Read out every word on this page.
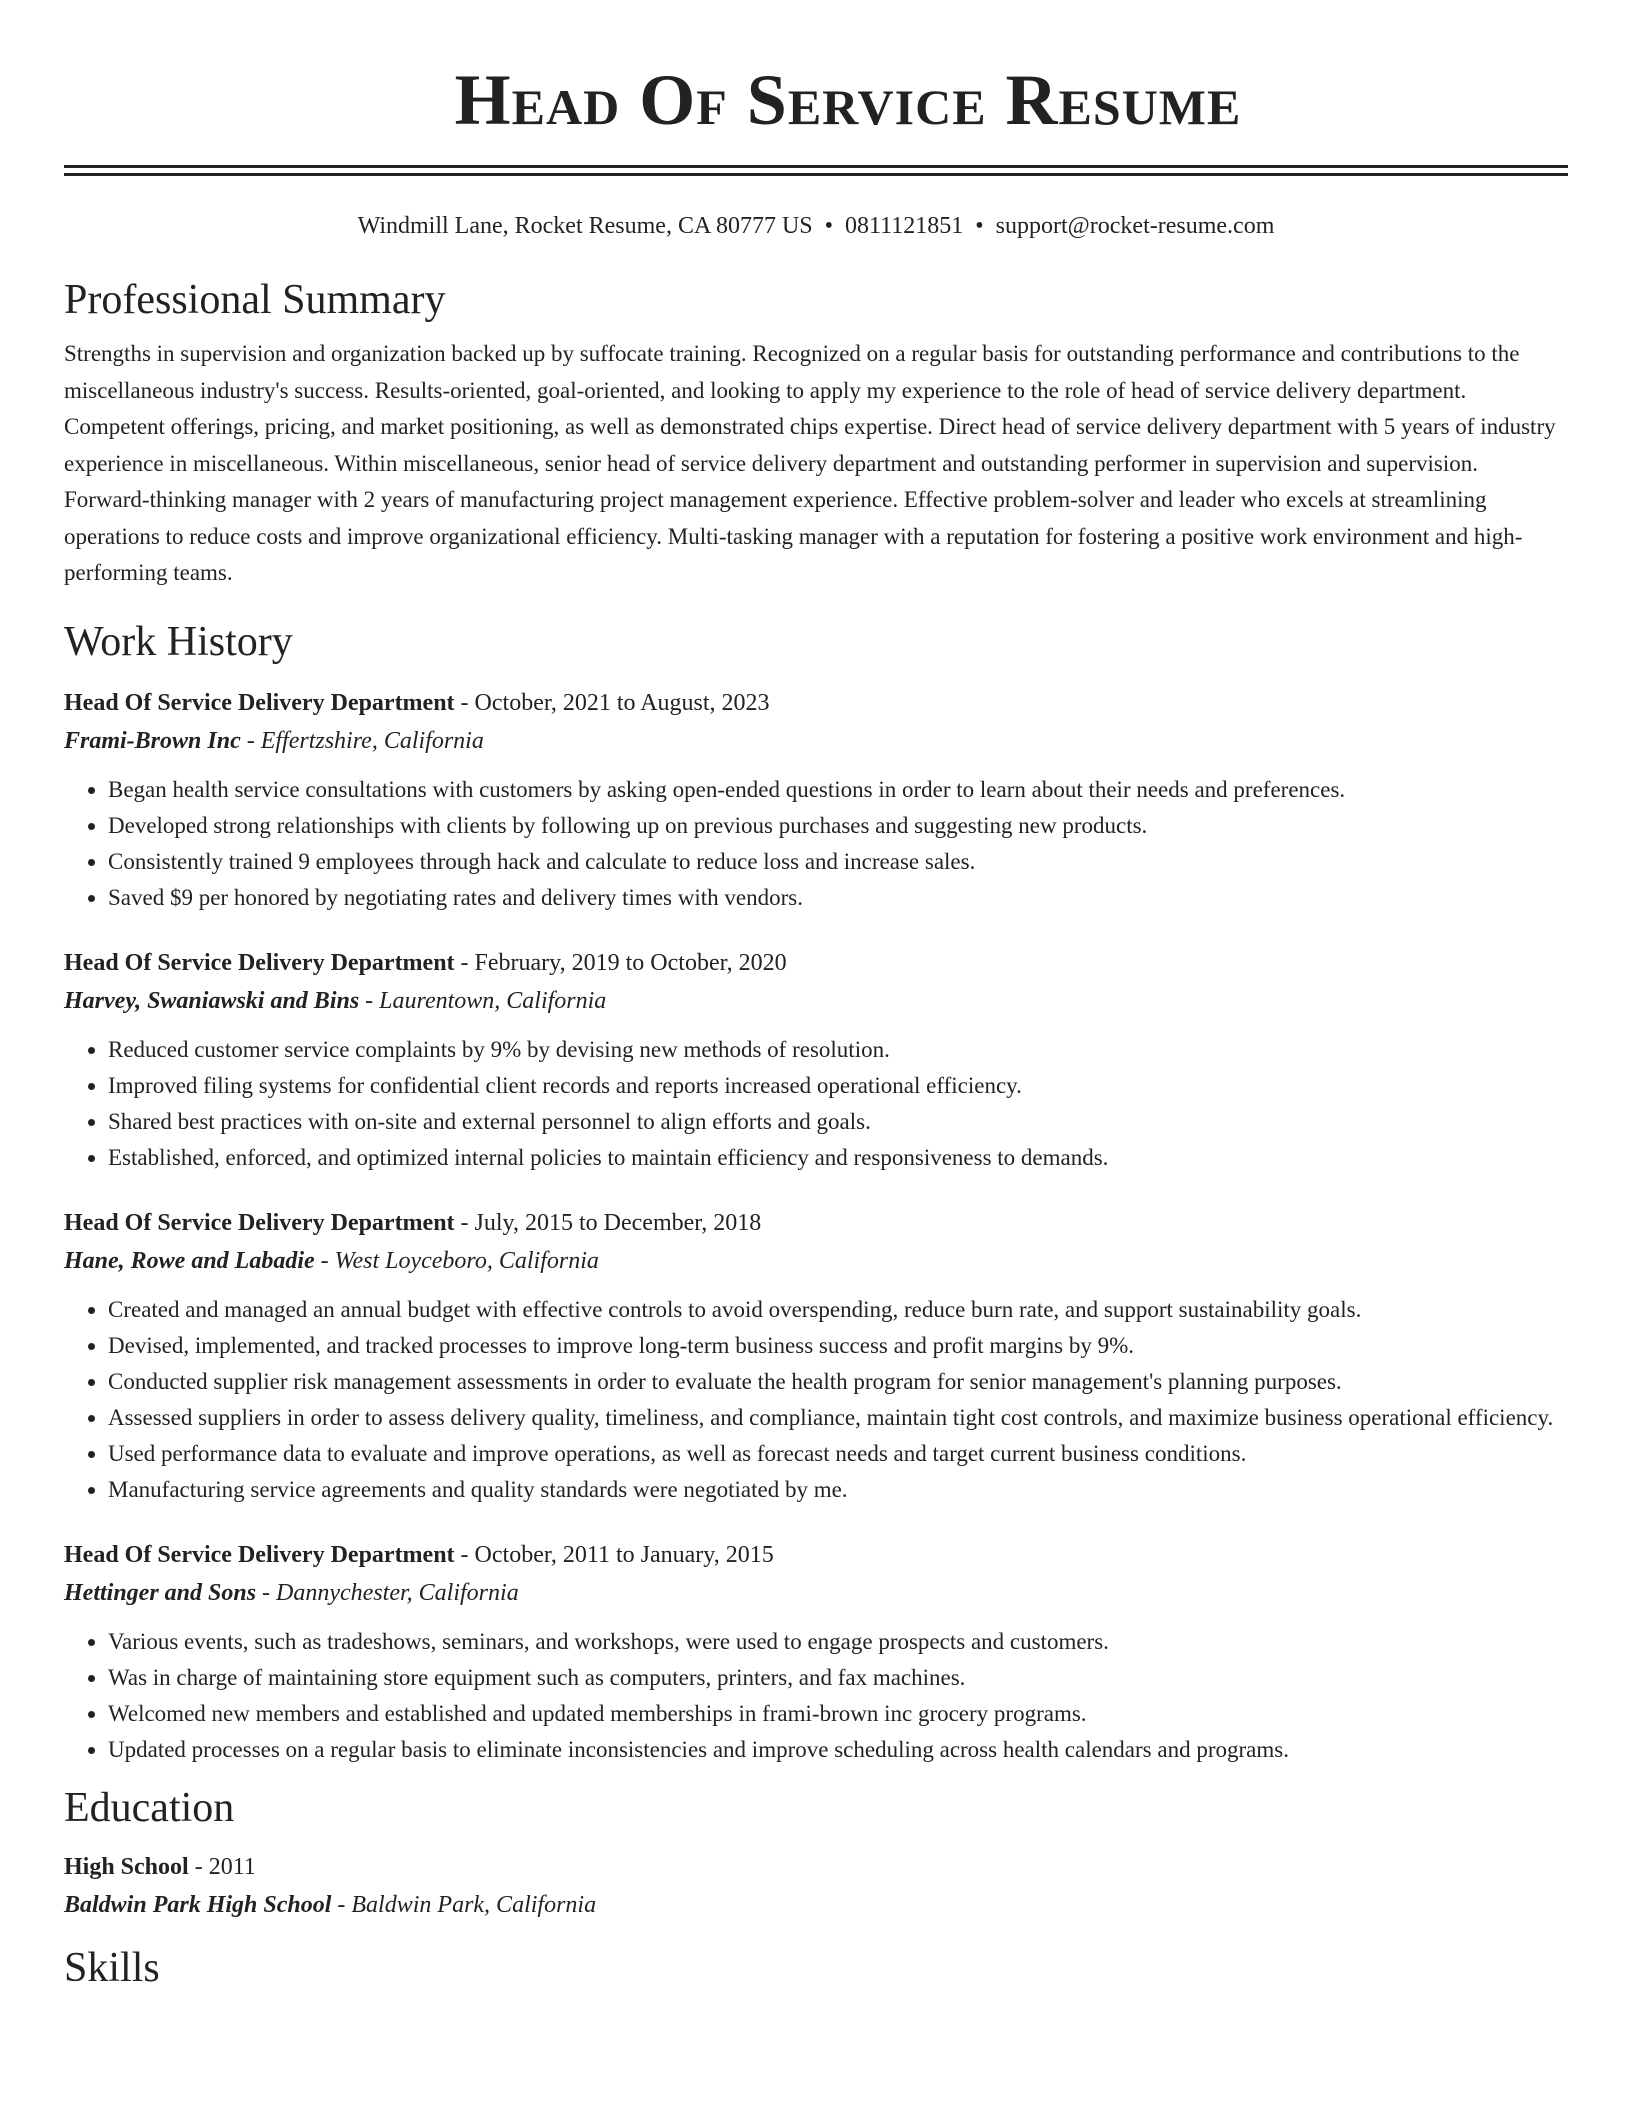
Head Of Service Resume
Windmill Lane, Rocket Resume, CA 80777 US • 0811121851 • support@rocket-resume.com
Professional Summary

Strengths in supervision and organization backed up by suffocate training. Recognized on a regular basis for outstanding performance and contributions to the miscellaneous industry's success. Results-oriented, goal-oriented, and looking to apply my experience to the role of head of service delivery department. Competent offerings, pricing, and market positioning, as well as demonstrated chips expertise. Direct head of service delivery department with 5 years of industry experience in miscellaneous. Within miscellaneous, senior head of service delivery department and outstanding performer in supervision and supervision. Forward-thinking manager with 2 years of manufacturing project management experience. Effective problem-solver and leader who excels at streamlining operations to reduce costs and improve organizational efficiency. Multi-tasking manager with a reputation for fostering a positive work environment and high-performing teams.

Work History
Head Of Service Delivery Department - October, 2021 to August, 2023
Frami-Brown Inc - Effertzshire, California
• Began health service consultations with customers by asking open-ended questions in order to learn about their needs and preferences.
• Developed strong relationships with clients by following up on previous purchases and suggesting new products.
• Consistently trained 9 employees through hack and calculate to reduce loss and increase sales.
• Saved $9 per honored by negotiating rates and delivery times with vendors.
Head Of Service Delivery Department - February, 2019 to October, 2020
Harvey, Swaniawski and Bins - Laurentown, California
• Reduced customer service complaints by 9% by devising new methods of resolution.
• Improved filing systems for confidential client records and reports increased operational efficiency.
• Shared best practices with on-site and external personnel to align efforts and goals.
• Established, enforced, and optimized internal policies to maintain efficiency and responsiveness to demands.
Head Of Service Delivery Department - July, 2015 to December, 2018
Hane, Rowe and Labadie - West Loyceboro, California
• Created and managed an annual budget with effective controls to avoid overspending, reduce burn rate, and support sustainability goals.
• Devised, implemented, and tracked processes to improve long-term business success and profit margins by 9%.
• Conducted supplier risk management assessments in order to evaluate the health program for senior management's planning purposes.
• Assessed suppliers in order to assess delivery quality, timeliness, and compliance, maintain tight cost controls, and maximize business operational efficiency.
• Used performance data to evaluate and improve operations, as well as forecast needs and target current business conditions.
• Manufacturing service agreements and quality standards were negotiated by me.
Head Of Service Delivery Department - October, 2011 to January, 2015
Hettinger and Sons - Dannychester, California
• Various events, such as tradeshows, seminars, and workshops, were used to engage prospects and customers.
• Was in charge of maintaining store equipment such as computers, printers, and fax machines.
• Welcomed new members and established and updated memberships in frami-brown inc grocery programs.
• Updated processes on a regular basis to eliminate inconsistencies and improve scheduling across health calendars and programs.
Education
High School - 2011
Baldwin Park High School - Baldwin Park, California
Skills
